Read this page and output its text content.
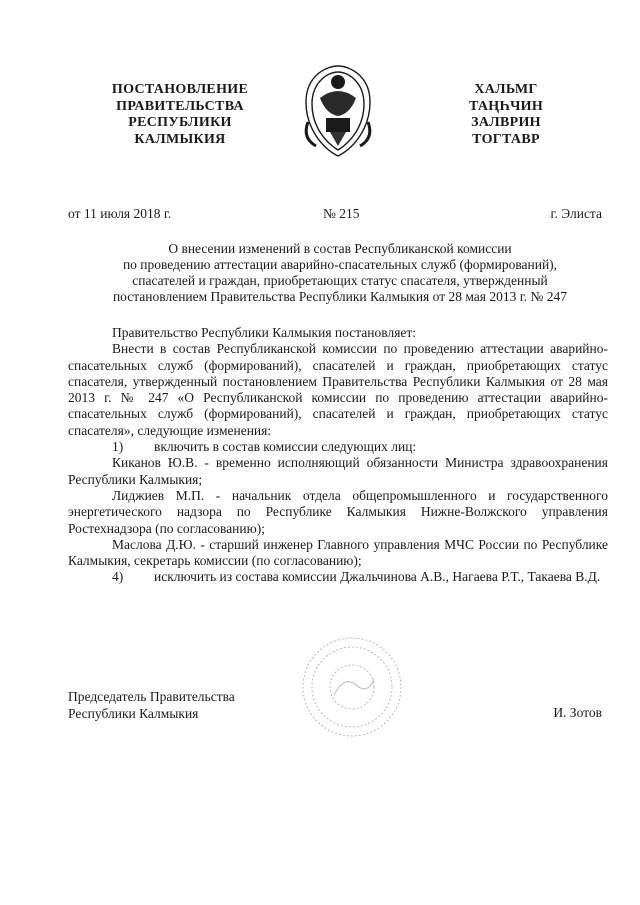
ПОСТАНОВЛЕНИЕ
ПРАВИТЕЛЬСТВА
РЕСПУБЛИКИ
КАЛМЫКИЯ
ХАЛЬМГ
ТАҢҺЧИН
ЗАЛВРИН
ТОГТАВР
от 11 июля 2018 г.	№ 215	г. Элиста
О внесении изменений в состав Республиканской комиссии
по проведению аттестации аварийно-спасательных служб (формирований),
спасателей и граждан, приобретающих статус спасателя, утвержденный
постановлением Правительства Республики Калмыкия от 28 мая 2013 г. № 247

Правительство Республики Калмыкия постановляет:

Внести в состав Республиканской комиссии по проведению аттестации аварийно-спасательных служб (формирований), спасателей и граждан, приобретающих статус спасателя, утвержденный постановлением Правительства Республики Калмыкия от 28 мая 2013 г. № 247 «О Республиканской комиссии по проведению аттестации аварийно-спасательных служб (формирований), спасателей и граждан, приобретающих статус спасателя», следующие изменения:

1) включить в состав комиссии следующих лиц:

Киканов Ю.В. - временно исполняющий обязанности Министра здравоохранения Республики Калмыкия;

Лиджиев М.П. - начальник отдела общепромышленного и государственного энергетического надзора по Республике Калмыкия Нижне-Волжского управления Ростехнадзора (по согласованию);

Маслова Д.Ю. - старший инженер Главного управления МЧС России по Республике Калмыкия, секретарь комиссии (по согласованию);

4) исключить из состава комиссии Джальчинова А.В., Нагаева Р.Т., Такаева В.Д.

Председатель Правительства
Республики Калмыкия	И. Зотов
